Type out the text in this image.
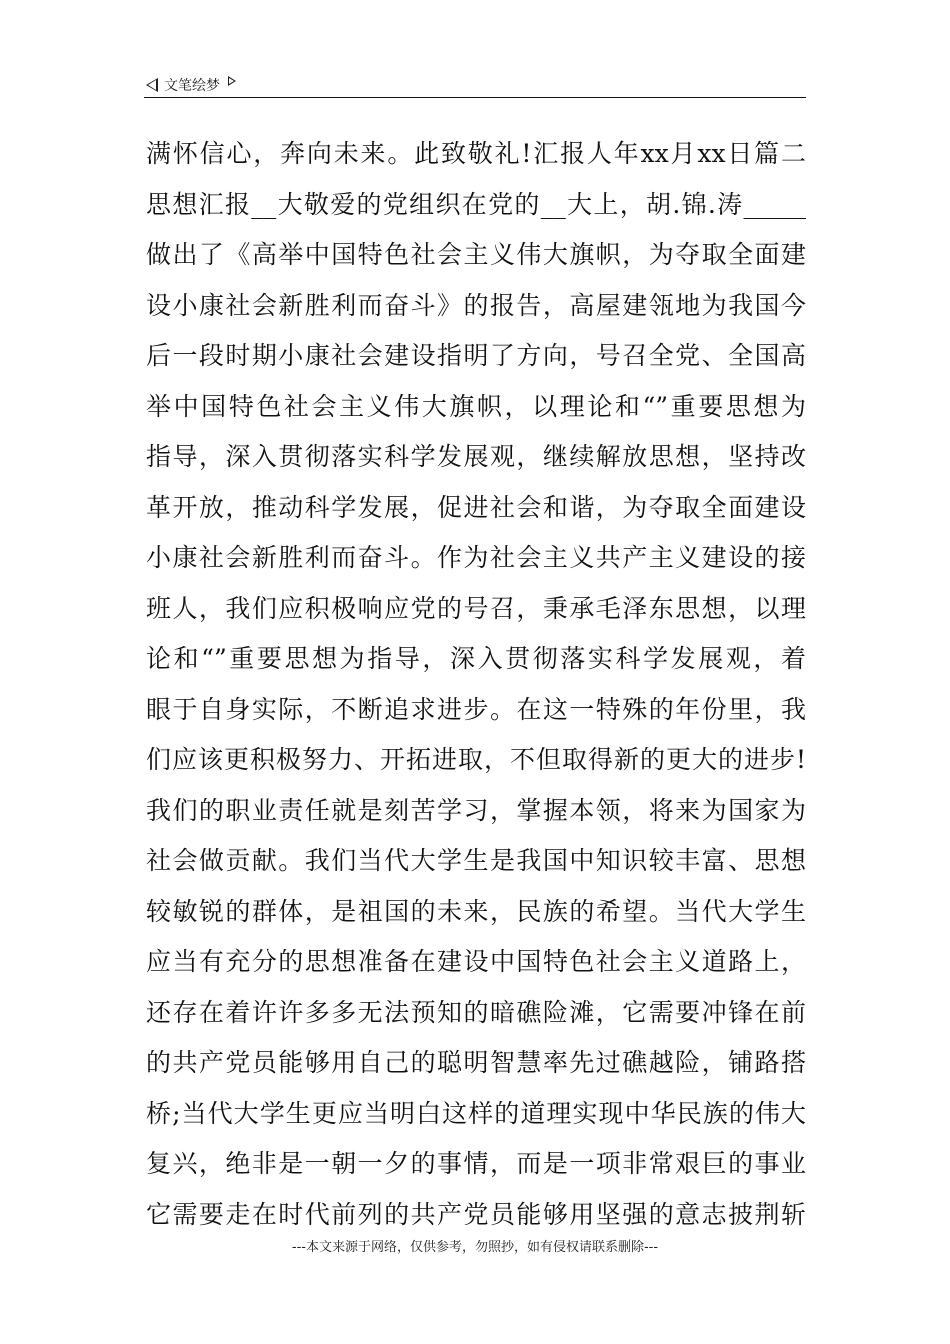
文笔绘梦
满怀信心，奔向未来。此致敬礼!汇报人年xx月xx日篇二
思想汇报__大敬爱的党组织在党的__大上，胡.锦.涛_____
做出了《高举中国特色社会主义伟大旗帜，为夺取全面建
设小康社会新胜利而奋斗》的报告，高屋建瓴地为我国今
后一段时期小康社会建设指明了方向，号召全党、全国高
举中国特色社会主义伟大旗帜，以理论和“”重要思想为
指导，深入贯彻落实科学发展观，继续解放思想，坚持改
革开放，推动科学发展，促进社会和谐，为夺取全面建设
小康社会新胜利而奋斗。作为社会主义共产主义建设的接
班人，我们应积极响应党的号召，秉承毛泽东思想，以理
论和“”重要思想为指导，深入贯彻落实科学发展观，着
眼于自身实际，不断追求进步。在这一特殊的年份里，我
们应该更积极努力、开拓进取，不但取得新的更大的进步!
我们的职业责任就是刻苦学习，掌握本领，将来为国家为
社会做贡献。我们当代大学生是我国中知识较丰富、思想
较敏锐的群体，是祖国的未来，民族的希望。当代大学生
应当有充分的思想准备在建设中国特色社会主义道路上，
还存在着许许多多无法预知的暗礁险滩，它需要冲锋在前
的共产党员能够用自己的聪明智慧率先过礁越险，铺路搭
桥;当代大学生更应当明白这样的道理实现中华民族的伟大
复兴，绝非是一朝一夕的事情，而是一项非常艰巨的事业
它需要走在时代前列的共产党员能够用坚强的意志披荆斩
---本文来源于网络，仅供参考，勿照抄，如有侵权请联系删除---
